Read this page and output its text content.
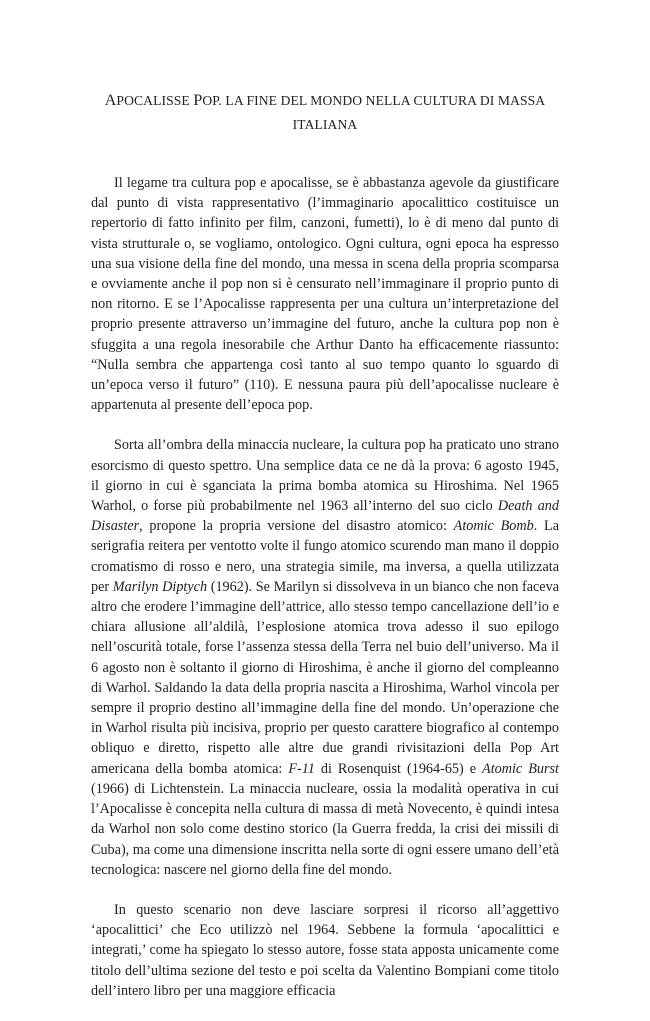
APOCALISSE POP. LA FINE DEL MONDO NELLA CULTURA DI MASSA
ITALIANA

Il legame tra cultura pop e apocalisse, se è abbastanza agevole da giustificare dal punto di vista rappresentativo (l’immaginario apocalittico costituisce un repertorio di fatto infinito per film, canzoni, fumetti), lo è di meno dal punto di vista strutturale o, se vogliamo, ontologico. Ogni cultura, ogni epoca ha espresso una sua visione della fine del mondo, una messa in scena della propria scomparsa e ovviamente anche il pop non si è censurato nell’immaginare il proprio punto di non ritorno. E se l’Apocalisse rappresenta per una cultura un’interpretazione del proprio presente attraverso un’immagine del futuro, anche la cultura pop non è sfuggita a una regola inesorabile che Arthur Danto ha efficacemente riassunto: “Nulla sembra che appartenga così tanto al suo tempo quanto lo sguardo di un’epoca verso il futuro” (110). E nessuna paura più dell’apocalisse nucleare è appartenuta al presente dell’epoca pop.

Sorta all’ombra della minaccia nucleare, la cultura pop ha praticato uno strano esorcismo di questo spettro. Una semplice data ce ne dà la prova: 6 agosto 1945, il giorno in cui è sganciata la prima bomba atomica su Hiroshima. Nel 1965 Warhol, o forse più probabilmente nel 1963 all’interno del suo ciclo Death and Disaster, propone la propria versione del disastro atomico: Atomic Bomb. La serigrafia reitera per ventotto volte il fungo atomico scurendo man mano il doppio cromatismo di rosso e nero, una strategia simile, ma inversa, a quella utilizzata per Marilyn Diptych (1962). Se Marilyn si dissolveva in un bianco che non faceva altro che erodere l’immagine dell’attrice, allo stesso tempo cancellazione dell’io e chiara allusione all’aldilà, l’esplosione atomica trova adesso il suo epilogo nell’oscurità totale, forse l’assenza stessa della Terra nel buio dell’universo. Ma il 6 agosto non è soltanto il giorno di Hiroshima, è anche il giorno del compleanno di Warhol. Saldando la data della propria nascita a Hiroshima, Warhol vincola per sempre il proprio destino all’immagine della fine del mondo. Un’operazione che in Warhol risulta più incisiva, proprio per questo carattere biografico al contempo obliquo e diretto, rispetto alle altre due grandi rivisitazioni della Pop Art americana della bomba atomica: F-11 di Rosenquist (1964-65) e Atomic Burst (1966) di Lichtenstein. La minaccia nucleare, ossia la modalità operativa in cui l’Apocalisse è concepita nella cultura di massa di metà Novecento, è quindi intesa da Warhol non solo come destino storico (la Guerra fredda, la crisi dei missili di Cuba), ma come una dimensione inscritta nella sorte di ogni essere umano dell’età tecnologica: nascere nel giorno della fine del mondo.

In questo scenario non deve lasciare sorpresi il ricorso all’aggettivo ‘apocalittici’ che Eco utilizzò nel 1964. Sebbene la formula ‘apocalittici e integrati,’ come ha spiegato lo stesso autore, fosse stata apposta unicamente come titolo dell’ultima sezione del testo e poi scelta da Valentino Bompiani come titolo dell’intero libro per una maggiore efficacia
